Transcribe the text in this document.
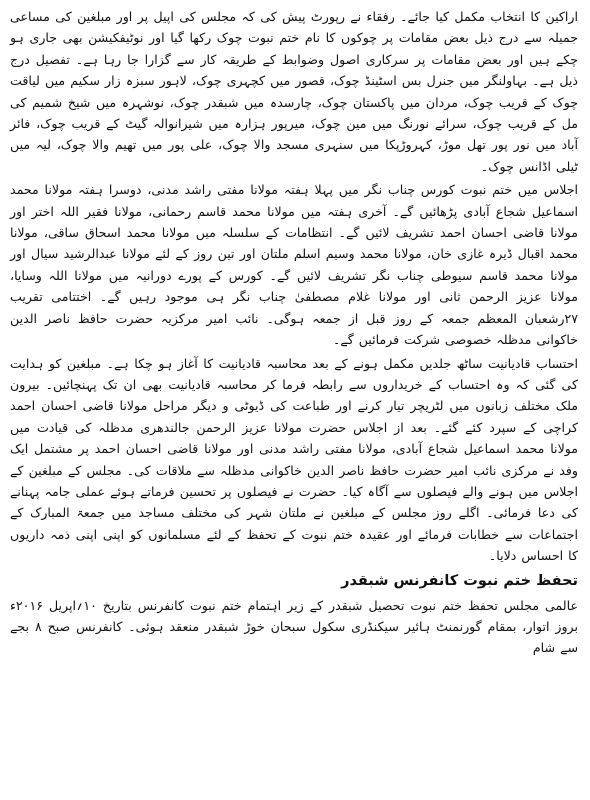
اراکین کا انتخاب مکمل کیا جائے۔ رفقاء نے رپورٹ پیش کی کہ مجلس کی اپیل پر اور مبلغین کی مساعی جمیلہ سے درج ذیل بعض مقامات پر چوکوں کا نام ختم نبوت چوک رکھا گیا اور نوٹیفکیشن بھی جاری ہو چکے ہیں اور بعض مقامات پر سرکاری اصول وضوابط کے طریقہ کار سے گزارا جا رہا ہے۔ تفصیل درج ذیل ہے۔ بہاولنگر میں جنرل بس اسٹینڈ چوک، قصور میں کچہری چوک، لاہور سبزہ زار سکیم میں لیاقت چوک کے قریب چوک، مردان میں پاکستان چوک، چارسدہ میں شبقدر چوک، نوشہرہ میں شیخ شمیم کی مل کے قریب چوک، سرائے نورنگ میں مین چوک، میرپور ہزارہ میں شیرانوالہ گیٹ کے قریب چوک، فائر آباد میں نور پور تھل موڑ، کہروڑپکا میں سنہری مسجد والا چوک، علی پور میں تھیم والا چوک، لیہ میں ٹیلی اڈانس چوک۔

اجلاس میں ختم نبوت کورس چناب نگر میں پہلا ہفتہ مولانا مفتی راشد مدنی، دوسرا ہفتہ مولانا محمد اسماعیل شجاع آبادی پڑھائیں گے۔ آخری ہفتہ میں مولانا محمد قاسم رحمانی، مولانا فقیر اللہ اختر اور مولانا قاضی احسان احمد تشریف لائیں گے۔ انتظامات کے سلسلہ میں مولانا محمد اسحاق ساقی، مولانا محمد اقبال ڈیرہ غازی خان، مولانا محمد وسیم اسلم ملتان اور تین روز کے لئے مولانا عبدالرشید سیال اور مولانا محمد قاسم سیوطی چناب نگر تشریف لائیں گے۔ کورس کے پورے دورانیہ میں مولانا اللہ وسایا، مولانا عزیز الرحمن ثانی اور مولانا غلام مصطفیٰ چناب نگر ہی موجود رہیں گے۔ اختتامی تقریب ۲۷رشعبان المعظم جمعہ کے روز قبل از جمعہ ہوگی۔ نائب امیر مرکزیہ حضرت حافظ ناصر الدین خاکوانی مدظلہ خصوصی شرکت فرمائیں گے۔

احتساب قادیانیت ساٹھ جلدیں مکمل ہونے کے بعد محاسبہ قادیانیت کا آغاز ہو چکا ہے۔ مبلغین کو ہدایت کی گئی کہ وہ احتساب کے خریداروں سے رابطہ فرما کر محاسبہ قادیانیت بھی ان تک پہنچائیں۔ بیرون ملک مختلف زبانوں میں لٹریچر تیار کرنے اور طباعت کی ڈیوٹی و دیگر مراحل مولانا قاضی احسان احمد کراچی کے سپرد کئے گئے۔ بعد از اجلاس حضرت مولانا عزیز الرحمن جالندھری مدظلہ کی قیادت میں مولانا محمد اسماعیل شجاع آبادی، مولانا مفتی راشد مدنی اور مولانا قاضی احسان احمد پر مشتمل ایک وفد نے مرکزی نائب امیر حضرت حافظ ناصر الدین خاکوانی مدظلہ سے ملاقات کی۔ مجلس کے مبلغین کے اجلاس میں ہونے والے فیصلوں سے آگاہ کیا۔ حضرت نے فیصلوں پر تحسین فرماتے ہوئے عملی جامہ پہنانے کی دعا فرمائی۔ اگلے روز مجلس کے مبلغین نے ملتان شہر کی مختلف مساجد میں جمعۃ المبارک کے اجتماعات سے خطابات فرمائے اور عقیدہ ختم نبوت کے تحفظ کے لئے مسلمانوں کو اپنی اپنی ذمہ داریوں کا احساس دلایا۔

تحفظ ختم نبوت کانفرنس شبقدر

عالمی مجلس تحفظ ختم نبوت تحصیل شبقدر کے زیر اہتمام ختم نبوت کانفرنس بتاریخ ۱۰؍اپریل ۲۰۱۶ء بروز اتوار، بمقام گورنمنٹ ہائیر سیکنڈری سکول سبحان خوڑ شبقدر منعقد ہوئی۔ کانفرنس صبح ۸ بجے سے شام
